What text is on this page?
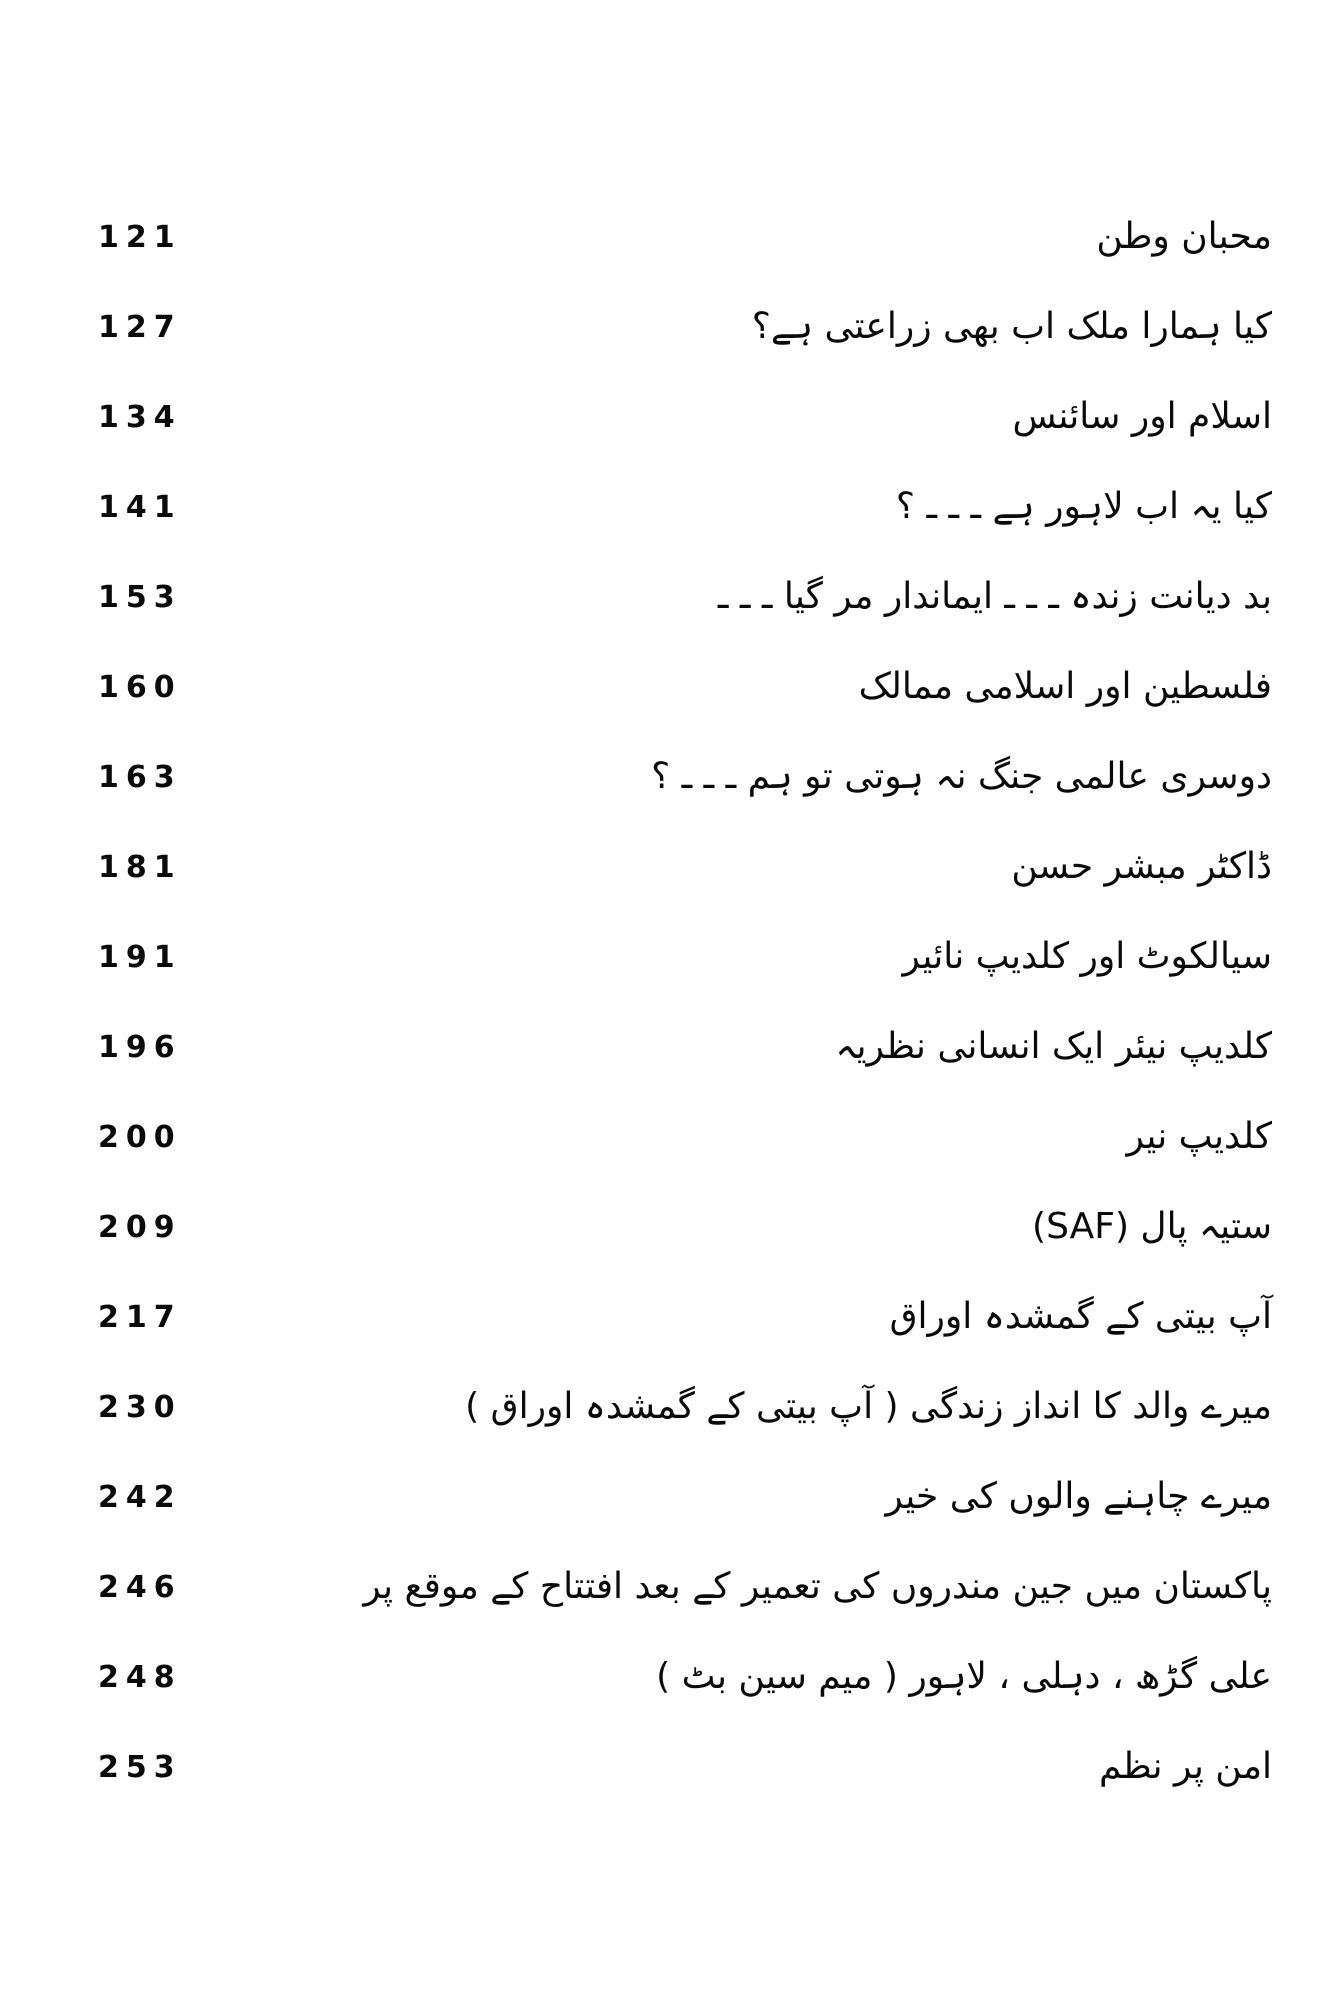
121	محبان وطن
127	کیا ہمارا ملک اب بھی زراعتی ہے؟
134	اسلام اور سائنس
141	کیا یہ اب لاہور ہے ـ ـ ـ ؟
153	بد دیانت زندہ ـ ـ ـ ایماندار مر گیا ـ ـ ـ
160	فلسطین اور اسلامی ممالک
163	دوسری عالمی جنگ نہ ہوتی تو ہم ـ ـ ـ ؟
181	ڈاکٹر مبشر حسن
191	سیالکوٹ اور کلدیپ نائیر
196	کلدیپ نیئر ایک انسانی نظریہ
200	کلدیپ نیر
209	ستیہ پال (SAF)
217	آپ بیتی کے گمشدہ اوراق
230	میرے والد کا انداز زندگی ( آپ بیتی کے گمشدہ اوراق )
242	میرے چاہنے والوں کی خیر
246	پاکستان میں جین مندروں کی تعمیر کے بعد افتتاح کے موقع پر
248	علی گڑھ ، دہلی ، لاہور ( میم سین بٹ )
253	امن پر نظم
